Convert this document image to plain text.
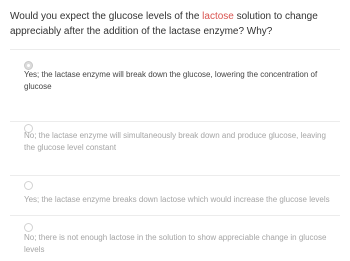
Would you expect the glucose levels of the lactose solution to change appreciably after the addition of the lactase enzyme? Why?

Yes; the lactase enzyme will break down the glucose, lowering the concentration of glucose
No; the lactase enzyme will simultaneously break down and produce glucose, leaving the glucose level constant
Yes; the lactase enzyme breaks down lactose which would increase the glucose levels
No; there is not enough lactose in the solution to show appreciable change in glucose levels
